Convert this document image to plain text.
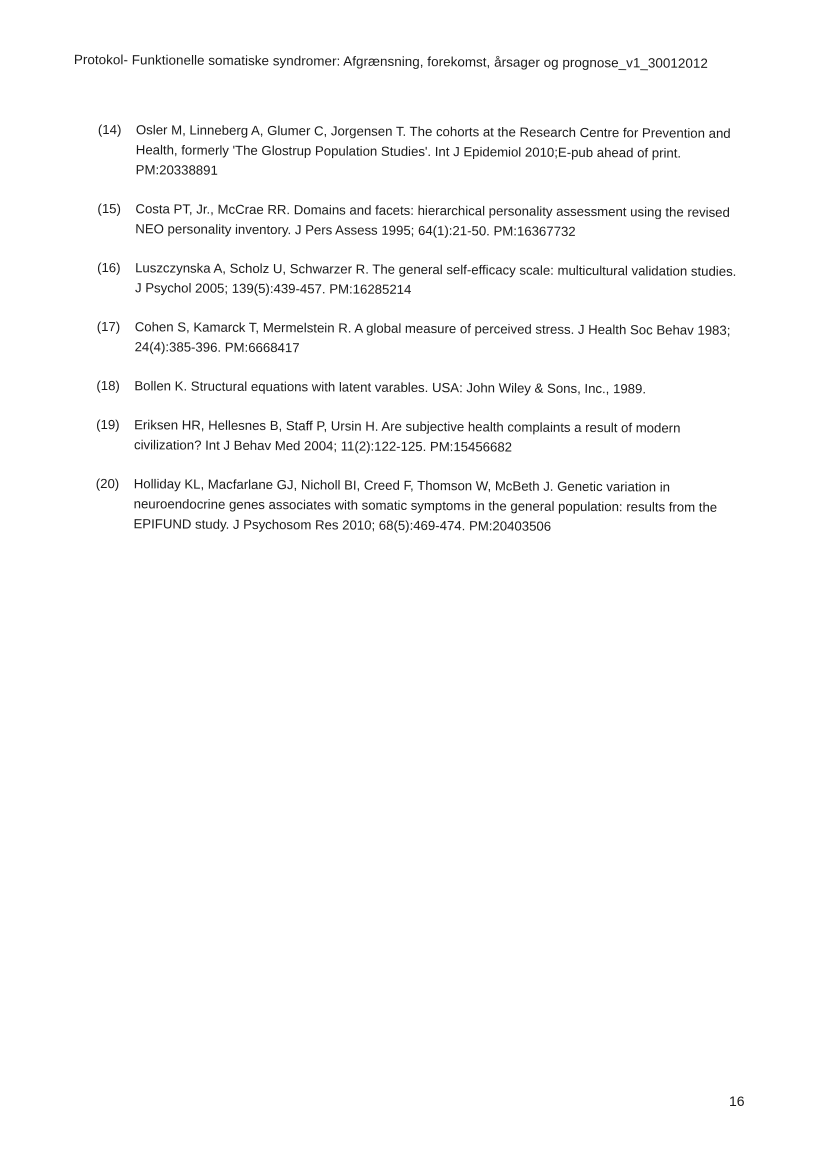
Protokol- Funktionelle somatiske syndromer: Afgrænsning, forekomst, årsager og prognose_v1_30012012
(14)	Osler M, Linneberg A, Glumer C, Jorgensen T. The cohorts at the Research Centre for Prevention and Health, formerly 'The Glostrup Population Studies'. Int J Epidemiol 2010;E-pub ahead of print. PM:20338891
(15)	Costa PT, Jr., McCrae RR. Domains and facets: hierarchical personality assessment using the revised NEO personality inventory. J Pers Assess 1995; 64(1):21-50. PM:16367732
(16)	Luszczynska A, Scholz U, Schwarzer R. The general self-efficacy scale: multicultural validation studies. J Psychol 2005; 139(5):439-457. PM:16285214
(17)	Cohen S, Kamarck T, Mermelstein R. A global measure of perceived stress. J Health Soc Behav 1983; 24(4):385-396. PM:6668417
(18)	Bollen K. Structural equations with latent varables. USA: John Wiley & Sons, Inc., 1989.
(19)	Eriksen HR, Hellesnes B, Staff P, Ursin H. Are subjective health complaints a result of modern civilization? Int J Behav Med 2004; 11(2):122-125. PM:15456682
(20)	Holliday KL, Macfarlane GJ, Nicholl BI, Creed F, Thomson W, McBeth J. Genetic variation in neuroendocrine genes associates with somatic symptoms in the general population: results from the EPIFUND study. J Psychosom Res 2010; 68(5):469-474. PM:20403506
16
